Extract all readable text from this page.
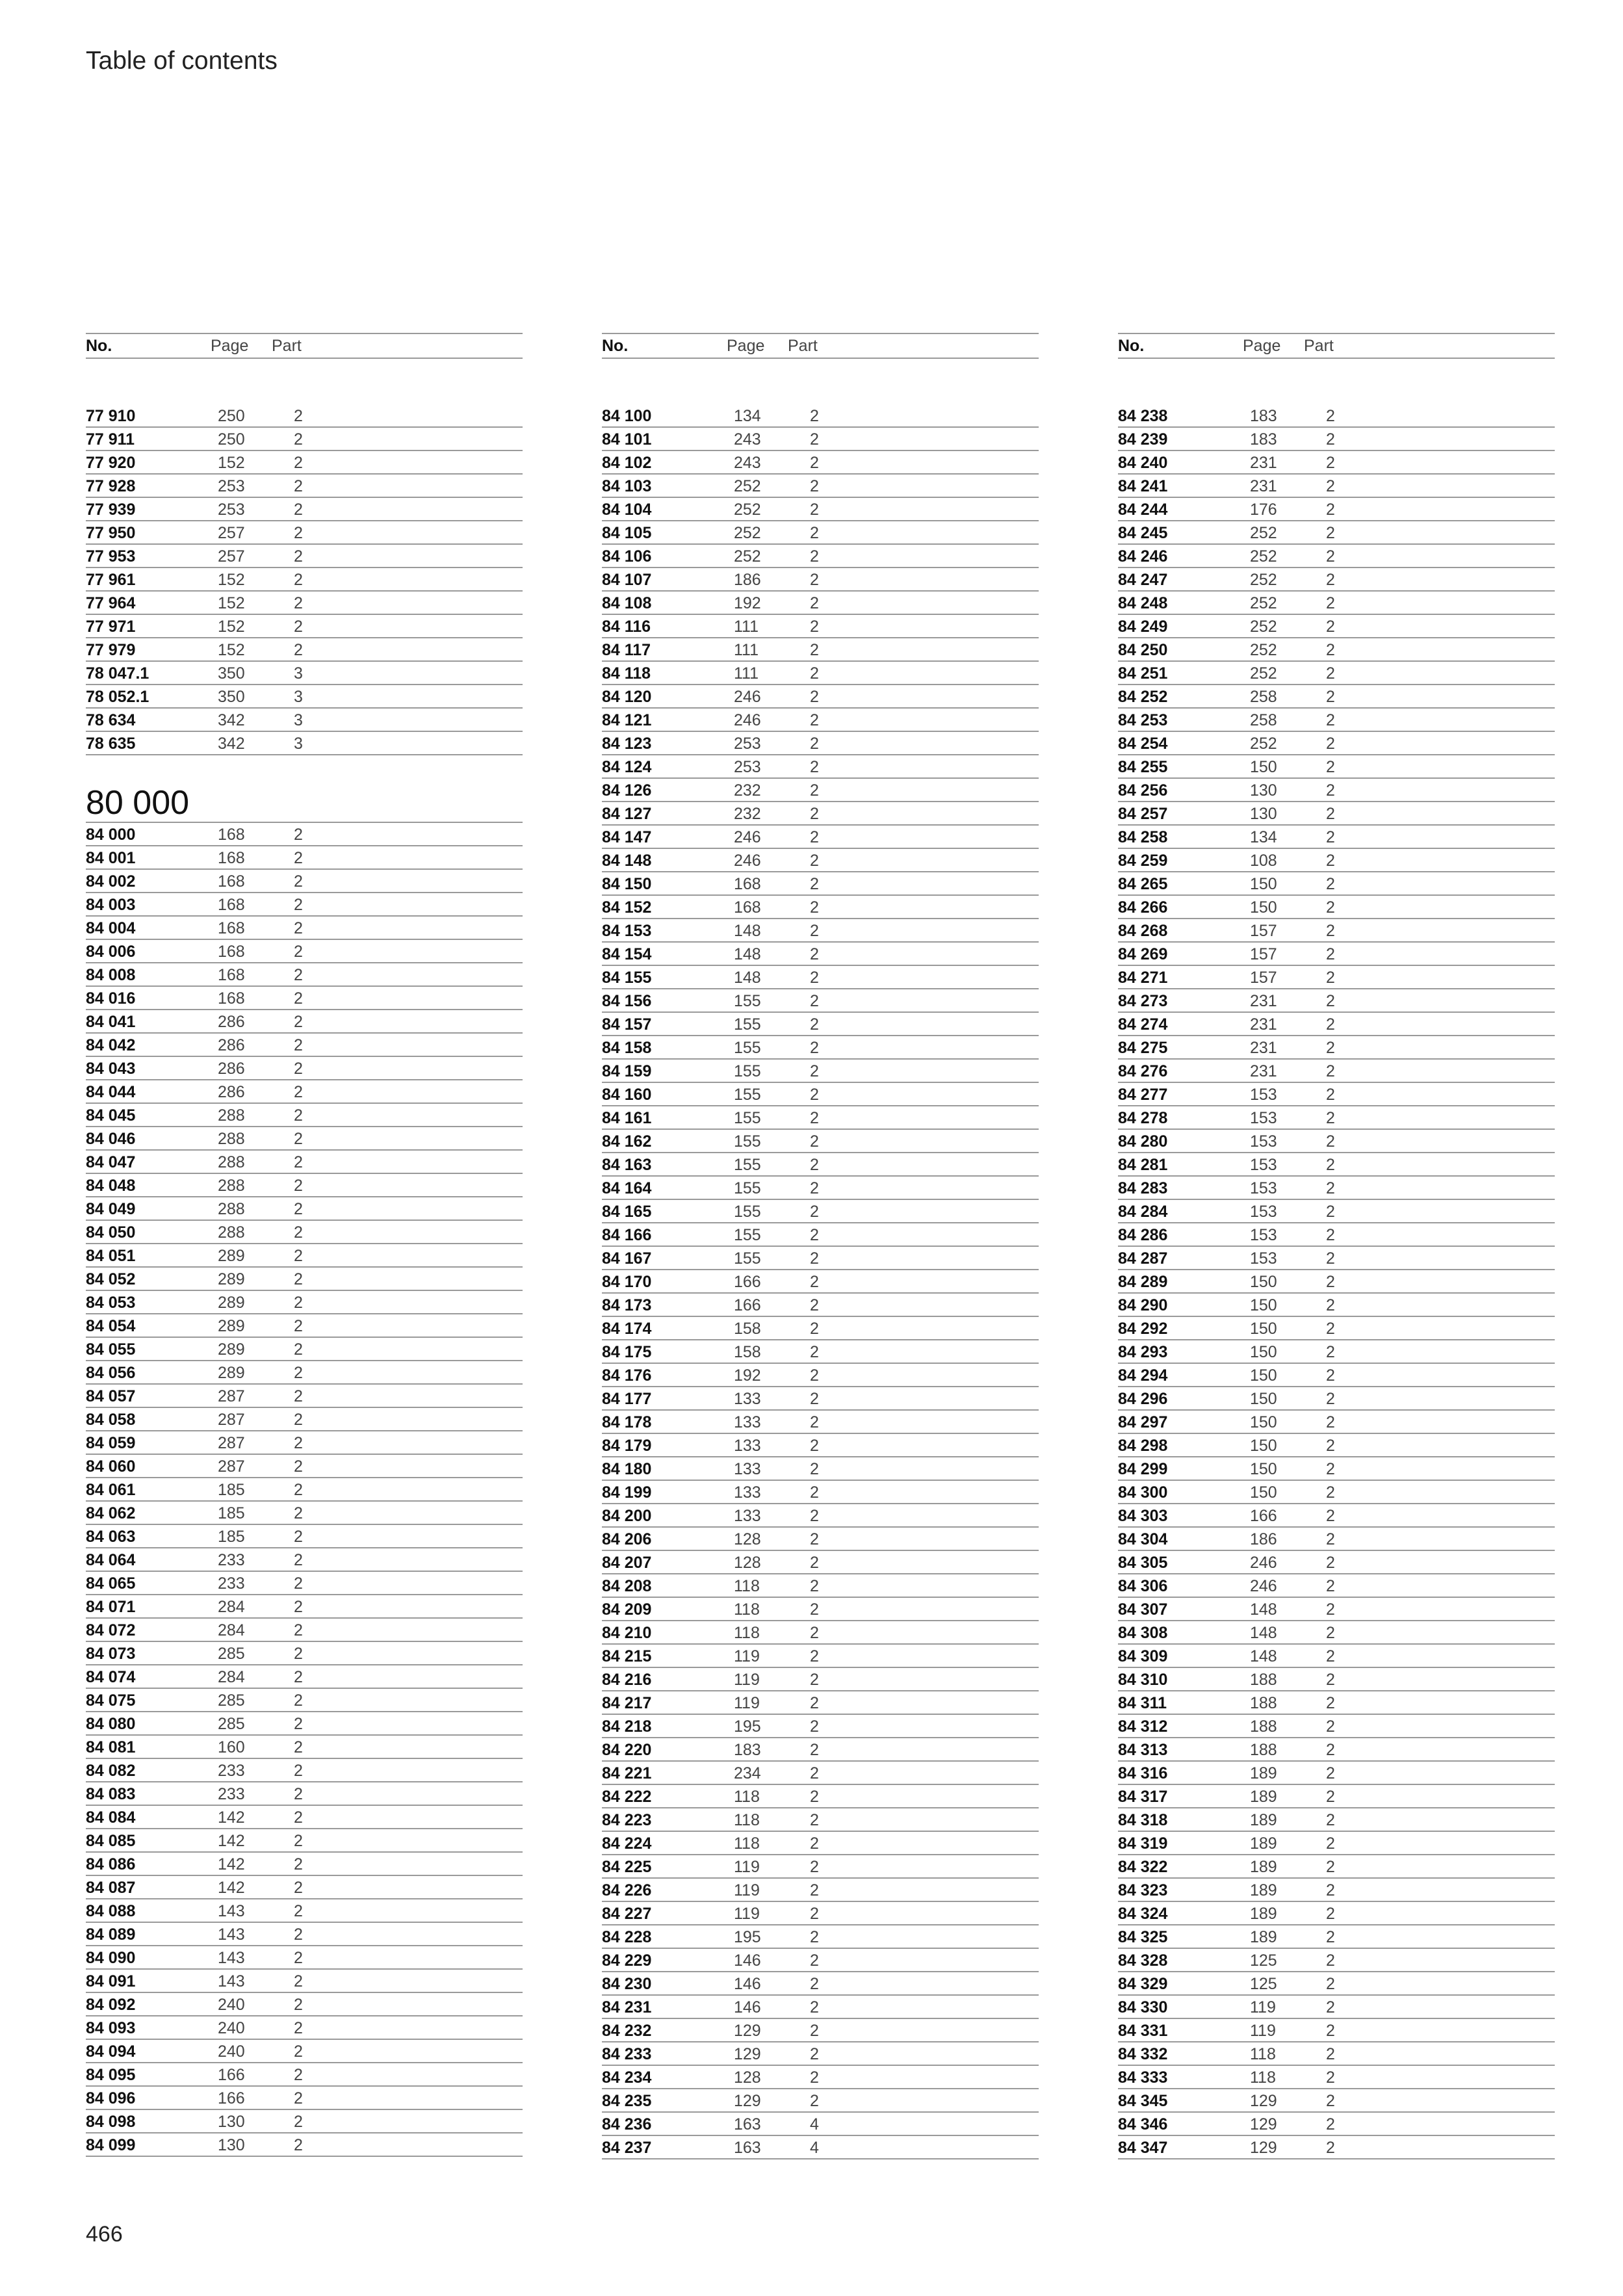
Table of contents
No.	Page Part
77 910	250	2
77 911	250	2
77 920	152	2
77 928	253	2
77 939	253	2
77 950	257	2
77 953	257	2
77 961	152	2
77 964	152	2
77 971	152	2
77 979	152	2
78 047.1	350	3
78 052.1	350	3
78 634	342	3
78 635	342	3
80 000
84 000	168	2
84 001	168	2
84 002	168	2
84 003	168	2
84 004	168	2
84 006	168	2
84 008	168	2
84 016	168	2
84 041	286	2
84 042	286	2
84 043	286	2
84 044	286	2
84 045	288	2
84 046	288	2
84 047	288	2
84 048	288	2
84 049	288	2
84 050	288	2
84 051	289	2
84 052	289	2
84 053	289	2
84 054	289	2
84 055	289	2
84 056	289	2
84 057	287	2
84 058	287	2
84 059	287	2
84 060	287	2
84 061	185	2
84 062	185	2
84 063	185	2
84 064	233	2
84 065	233	2
84 071	284	2
84 072	284	2
84 073	285	2
84 074	284	2
84 075	285	2
84 080	285	2
84 081	160	2
84 082	233	2
84 083	233	2
84 084	142	2
84 085	142	2
84 086	142	2
84 087	142	2
84 088	143	2
84 089	143	2
84 090	143	2
84 091	143	2
84 092	240	2
84 093	240	2
84 094	240	2
84 095	166	2
84 096	166	2
84 098	130	2
84 099	130	2
No.	Page Part
84 100	134	2
84 101	243	2
84 102	243	2
84 103	252	2
84 104	252	2
84 105	252	2
84 106	252	2
84 107	186	2
84 108	192	2
84 116	111	2
84 117	111	2
84 118	111	2
84 120	246	2
84 121	246	2
84 123	253	2
84 124	253	2
84 126	232	2
84 127	232	2
84 147	246	2
84 148	246	2
84 150	168	2
84 152	168	2
84 153	148	2
84 154	148	2
84 155	148	2
84 156	155	2
84 157	155	2
84 158	155	2
84 159	155	2
84 160	155	2
84 161	155	2
84 162	155	2
84 163	155	2
84 164	155	2
84 165	155	2
84 166	155	2
84 167	155	2
84 170	166	2
84 173	166	2
84 174	158	2
84 175	158	2
84 176	192	2
84 177	133	2
84 178	133	2
84 179	133	2
84 180	133	2
84 199	133	2
84 200	133	2
84 206	128	2
84 207	128	2
84 208	118	2
84 209	118	2
84 210	118	2
84 215	119	2
84 216	119	2
84 217	119	2
84 218	195	2
84 220	183	2
84 221	234	2
84 222	118	2
84 223	118	2
84 224	118	2
84 225	119	2
84 226	119	2
84 227	119	2
84 228	195	2
84 229	146	2
84 230	146	2
84 231	146	2
84 232	129	2
84 233	129	2
84 234	128	2
84 235	129	2
84 236	163	4
84 237	163	4
No.	Page Part
84 238	183	2
84 239	183	2
84 240	231	2
84 241	231	2
84 244	176	2
84 245	252	2
84 246	252	2
84 247	252	2
84 248	252	2
84 249	252	2
84 250	252	2
84 251	252	2
84 252	258	2
84 253	258	2
84 254	252	2
84 255	150	2
84 256	130	2
84 257	130	2
84 258	134	2
84 259	108	2
84 265	150	2
84 266	150	2
84 268	157	2
84 269	157	2
84 271	157	2
84 273	231	2
84 274	231	2
84 275	231	2
84 276	231	2
84 277	153	2
84 278	153	2
84 280	153	2
84 281	153	2
84 283	153	2
84 284	153	2
84 286	153	2
84 287	153	2
84 289	150	2
84 290	150	2
84 292	150	2
84 293	150	2
84 294	150	2
84 296	150	2
84 297	150	2
84 298	150	2
84 299	150	2
84 300	150	2
84 303	166	2
84 304	186	2
84 305	246	2
84 306	246	2
84 307	148	2
84 308	148	2
84 309	148	2
84 310	188	2
84 311	188	2
84 312	188	2
84 313	188	2
84 316	189	2
84 317	189	2
84 318	189	2
84 319	189	2
84 322	189	2
84 323	189	2
84 324	189	2
84 325	189	2
84 328	125	2
84 329	125	2
84 330	119	2
84 331	119	2
84 332	118	2
84 333	118	2
84 345	129	2
84 346	129	2
84 347	129	2
466
